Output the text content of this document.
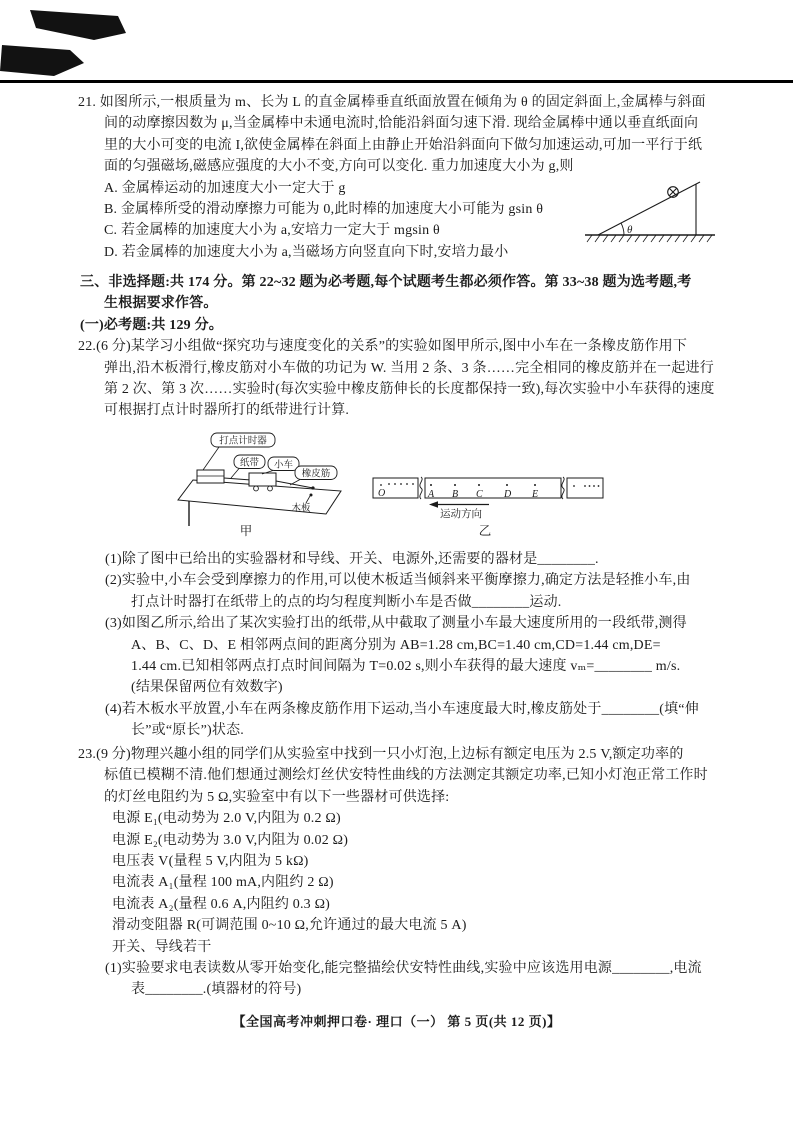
21. 如图所示,一根质量为 m、长为 L 的直金属棒垂直纸面放置在倾角为 θ 的固定斜面上,金属棒与斜面
间的动摩擦因数为 μ,当金属棒中未通电流时,恰能沿斜面匀速下滑. 现给金属棒中通以垂直纸面向
里的大小可变的电流 I,欲使金属棒在斜面上由静止开始沿斜面向下做匀加速运动,可加一平行于纸
面的匀强磁场,磁感应强度的大小不变,方向可以变化. 重力加速度大小为 g,则
A. 金属棒运动的加速度大小一定大于 g
B. 金属棒所受的滑动摩擦力可能为 0,此时棒的加速度大小可能为 gsin θ
C. 若金属棒的加速度大小为 a,安培力一定大于 mgsin θ
D. 若金属棒的加速度大小为 a,当磁场方向竖直向下时,安培力最小
θ
三、非选择题:共 174 分。第 22~32 题为必考题,每个试题考生都必须作答。第 33~38 题为选考题,考
生根据要求作答。
(一)必考题:共 129 分。
22.(6 分)某学习小组做“探究功与速度变化的关系”的实验如图甲所示,图中小车在一条橡皮筋作用下
弹出,沿木板滑行,橡皮筋对小车做的功记为 W. 当用 2 条、3 条……完全相同的橡皮筋并在一起进行
第 2 次、第 3 次……实验时(每次实验中橡皮筋伸长的长度都保持一致),每次实验中小车获得的速度
可根据打点计时器所打的纸带进行计算.
打点计时器
纸带 小车
橡皮筋
木板
甲
O	A B C D E
运动方向
乙
(1)除了图中已给出的实验器材和导线、开关、电源外,还需要的器材是________.
(2)实验中,小车会受到摩擦力的作用,可以使木板适当倾斜来平衡摩擦力,确定方法是轻推小车,由
打点计时器打在纸带上的点的均匀程度判断小车是否做________运动.
(3)如图乙所示,给出了某次实验打出的纸带,从中截取了测量小车最大速度所用的一段纸带,测得
A、B、C、D、E 相邻两点间的距离分别为 AB=1.28 cm,BC=1.40 cm,CD=1.44 cm,DE=
1.44 cm.已知相邻两点打点时间间隔为 T=0.02 s,则小车获得的最大速度 vₘ=________ m/s.
(结果保留两位有效数字)
(4)若木板水平放置,小车在两条橡皮筋作用下运动,当小车速度最大时,橡皮筋处于________(填“伸
长”或“原长”)状态.
23.(9 分)物理兴趣小组的同学们从实验室中找到一只小灯泡,上边标有额定电压为 2.5 V,额定功率的
标值已模糊不清.他们想通过测绘灯丝伏安特性曲线的方法测定其额定功率,已知小灯泡正常工作时
的灯丝电阻约为 5 Ω,实验室中有以下一些器材可供选择:
电源 E₁(电动势为 2.0 V,内阻为 0.2 Ω)
电源 E₂(电动势为 3.0 V,内阻为 0.02 Ω)
电压表 V(量程 5 V,内阻为 5 kΩ)
电流表 A₁(量程 100 mA,内阻约 2 Ω)
电流表 A₂(量程 0.6 A,内阻约 0.3 Ω)
滑动变阻器 R(可调范围 0~10 Ω,允许通过的最大电流 5 A)
开关、导线若干
(1)实验要求电表读数从零开始变化,能完整描绘伏安特性曲线,实验中应该选用电源________,电流
表________.(填器材的符号)
【全国高考冲刺押口卷· 理口（一） 第 5 页(共 12 页)】
